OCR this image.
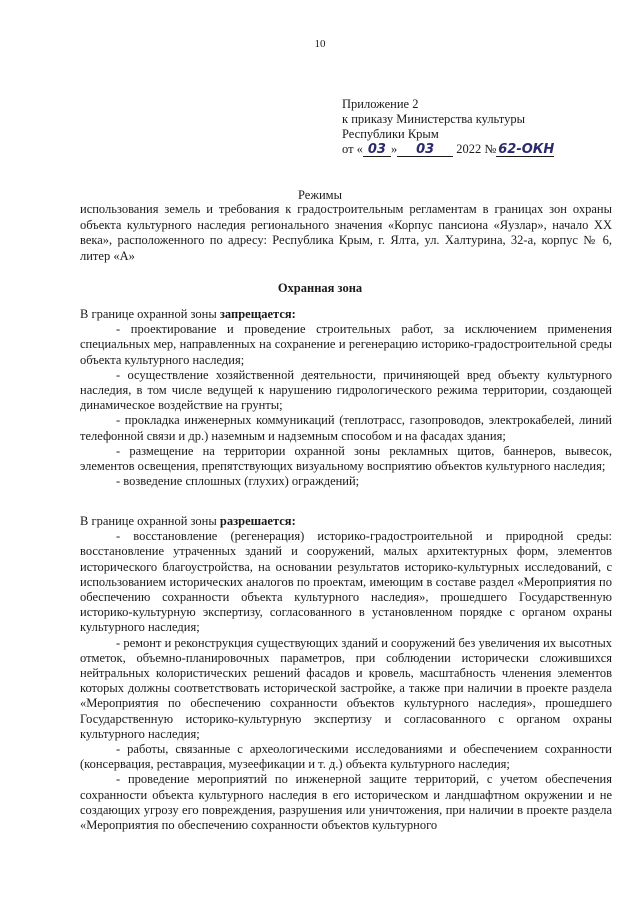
10
Приложение 2
к приказу Министерства культуры
Республики Крым
от « 03 »	03	2022 № 62-ОКН
Режимы
использования земель и требования к градостроительным регламентам в границах зон охраны объекта культурного наследия регионального значения «Корпус пансиона «Яузлар», начало XX века», расположенного по адресу: Республика Крым, г. Ялта, ул. Халтурина, 32-а, корпус № 6, литер «А»
Охранная зона

В границе охранной зоны запрещается:

- проектирование и проведение строительных работ, за исключением применения специальных мер, направленных на сохранение и регенерацию историко-градостроительной среды объекта культурного наследия;

- осуществление хозяйственной деятельности, причиняющей вред объекту культурного наследия, в том числе ведущей к нарушению гидрологического режима территории, создающей динамическое воздействие на грунты;

- прокладка инженерных коммуникаций (теплотрасс, газопроводов, электрокабелей, линий телефонной связи и др.) наземным и надземным способом и на фасадах здания;

- размещение на территории охранной зоны рекламных щитов, баннеров, вывесок, элементов освещения, препятствующих визуальному восприятию объектов культурного наследия;

- возведение сплошных (глухих) ограждений;

В границе охранной зоны разрешается:

- восстановление (регенерация) историко-градостроительной и природной среды: восстановление утраченных зданий и сооружений, малых архитектурных форм, элементов исторического благоустройства, на основании результатов историко-культурных исследований, с использованием исторических аналогов по проектам, имеющим в составе раздел «Мероприятия по обеспечению сохранности объекта культурного наследия», прошедшего Государственную историко-культурную экспертизу, согласованного в установленном порядке с органом охраны культурного наследия;

- ремонт и реконструкция существующих зданий и сооружений без увеличения их высотных отметок, объемно-планировочных параметров, при соблюдении исторически сложившихся нейтральных колористических решений фасадов и кровель, масштабность членения элементов которых должны соответствовать исторической застройке, а также при наличии в проекте раздела «Мероприятия по обеспечению сохранности объектов культурного наследия», прошедшего Государственную историко-культурную экспертизу и согласованного с органом охраны культурного наследия;

- работы, связанные с археологическими исследованиями и обеспечением сохранности (консервация, реставрация, музеефикации и т. д.) объекта культурного наследия;

- проведение мероприятий по инженерной защите территорий, с учетом обеспечения сохранности объекта культурного наследия в его историческом и ландшафтном окружении и не создающих угрозу его повреждения, разрушения или уничтожения, при наличии в проекте раздела «Мероприятия по обеспечению сохранности объектов культурного
